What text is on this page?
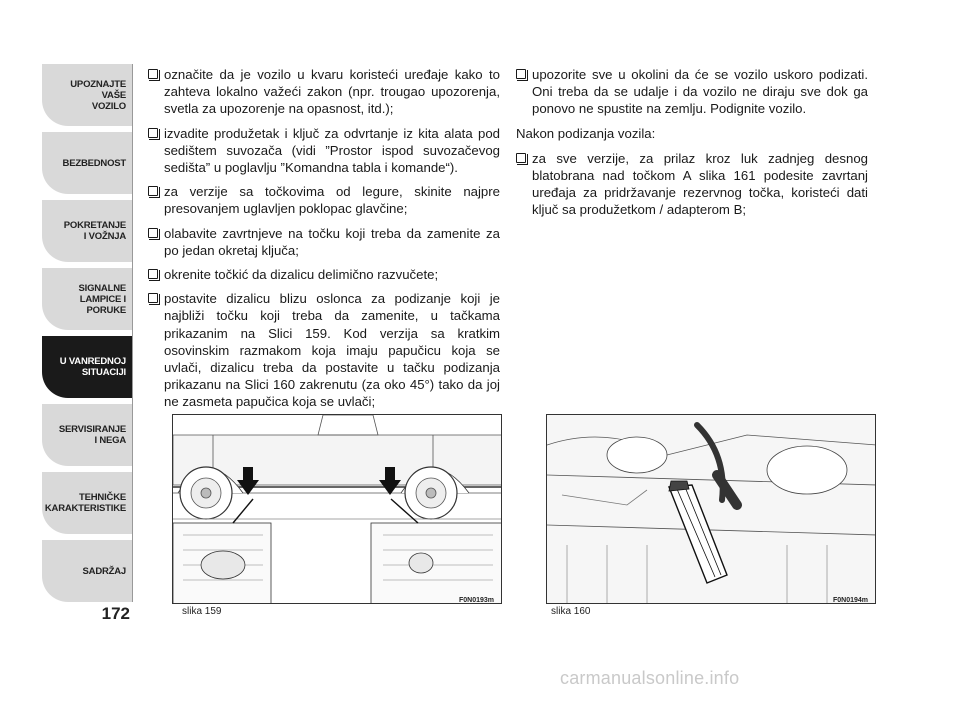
UPOZNAJTE
VAŠE
VOZILO
BEZBEDNOST
POKRETANJE
I VOŽNJA
SIGNALNE
LAMPICE I PORUKE
U VANREDNOJ
SITUACIJI
SERVISIRANJE
I NEGA
TEHNIČKE
KARAKTERISTIKE
SADRŽAJ
172
označite da je vozilo u kvaru koristeći uređaje kako to zahteva lokalno važeći zakon (npr. trougao upozorenja, svetla za upozorenje na opasnost, itd.);
izvadite produžetak i ključ za odvrtanje iz kita alata pod sedištem suvozača (vidi ”Prostor ispod suvozačevog sedišta” u poglavlju ”Komandna tabla i komande“).
za verzije sa točkovima od legure, skinite najpre presovanjem uglavljen poklopac glavčine;
olabavite zavrtnjeve na točku koji treba da zamenite za po jedan okretaj ključa;
okrenite točkić da dizalicu delimično razvučete;
postavite dizalicu blizu oslonca za podizanje koji je najbliži točku koji treba da zamenite, u tačkama prikazanim na Slici 159. Kod verzija sa kratkim osovinskim razmakom koja imaju papučicu koja se uvlači, dizalicu treba da postavite u tačku podizanja prikazanu na Slici 160 zakrenutu (za oko 45°) tako da joj ne zasmeta papučica koja se uvlači;
upozorite sve u okolini da će se vozilo uskoro podizati. Oni treba da se udalje i da vozilo ne diraju sve dok ga ponovo ne spustite na zemlju. Podignite vozilo.
Nakon podizanja vozila:
za sve verzije, za prilaz kroz luk zadnjeg desnog blatobrana nad točkom A slika 161 podesite zavrtanj uređaja za pridržavanje rezervnog točka, koristeći dati ključ sa produžetkom / adapterom B;
slika 159
F0N0193m
slika 160
F0N0194m
carmanualsonline.info
